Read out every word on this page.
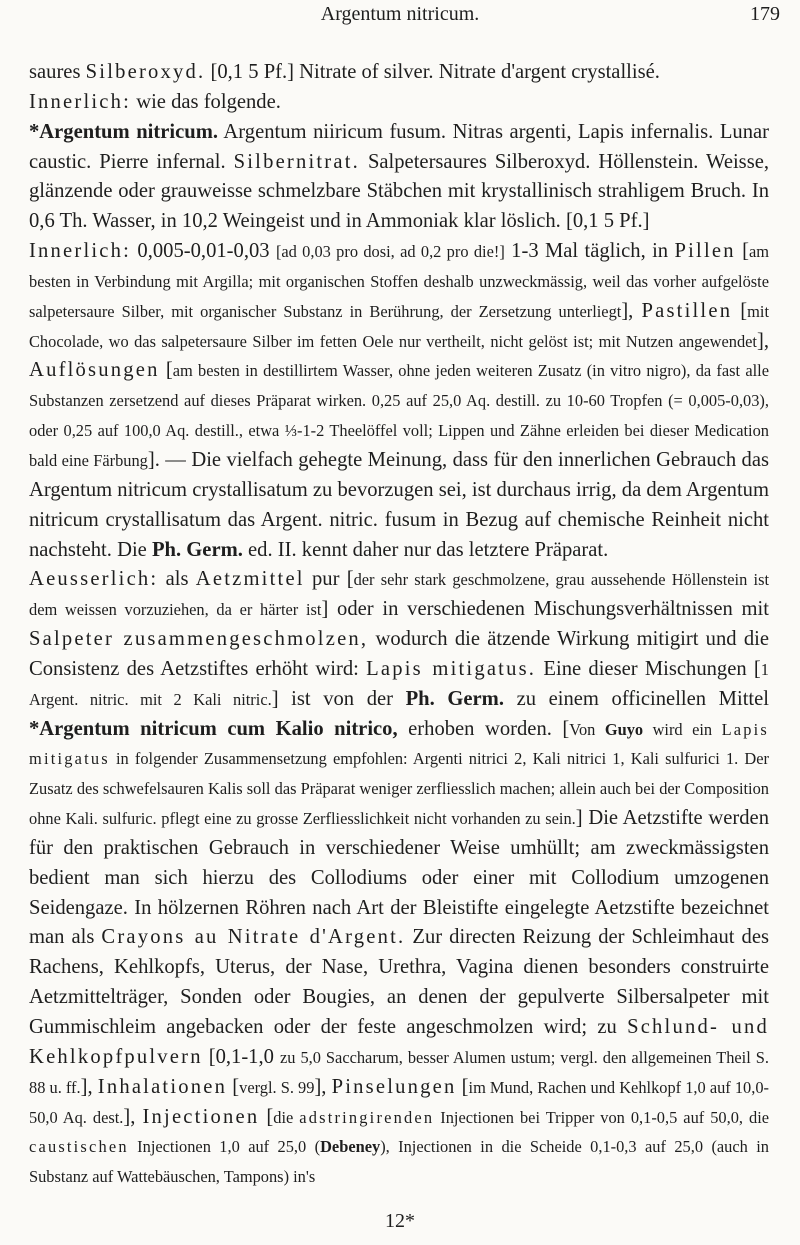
Argentum nitricum.	179

saures Silberoxyd. [0,1 5 Pf.] Nitrate of silver. Nitrate d'argent crystallisé.

Innerlich: wie das folgende.

*Argentum nitricum. Argentum niiricum fusum. Nitras argenti, Lapis infernalis. Lunar caustic. Pierre infernal. Silbernitrat. Salpetersaures Silberoxyd. Höllenstein. Weisse, glänzende oder grauweisse schmelzbare Stäbchen mit krystallinisch strahligem Bruch. In 0,6 Th. Wasser, in 10,2 Weingeist und in Ammoniak klar löslich. [0,1 5 Pf.]

Innerlich: 0,005-0,01-0,03 [ad 0,03 pro dosi, ad 0,2 pro die!] 1-3 Mal täglich, in Pillen [am besten in Verbindung mit Argilla; mit organischen Stoffen deshalb unzweckmässig, weil das vorher aufgelöste salpetersaure Silber, mit organischer Substanz in Berührung, der Zersetzung unterliegt], Pastillen [mit Chocolade, wo das salpetersaure Silber im fetten Oele nur vertheilt, nicht gelöst ist; mit Nutzen angewendet], Auflösungen [am besten in destillirtem Wasser, ohne jeden weiteren Zusatz (in vitro nigro), da fast alle Substanzen zersetzend auf dieses Präparat wirken. 0,25 auf 25,0 Aq. destill. zu 10-60 Tropfen (= 0,005-0,03), oder 0,25 auf 100,0 Aq. destill., etwa ⅓-1-2 Theelöffel voll; Lippen und Zähne erleiden bei dieser Medication bald eine Färbung]. — Die vielfach gehegte Meinung, dass für den innerlichen Gebrauch das Argentum nitricum crystallisatum zu bevorzugen sei, ist durchaus irrig, da dem Argentum nitricum crystallisatum das Argent. nitric. fusum in Bezug auf chemische Reinheit nicht nachsteht. Die Ph. Germ. ed. II. kennt daher nur das letztere Präparat.

Aeusserlich: als Aetzmittel pur [der sehr stark geschmolzene, grau aussehende Höllenstein ist dem weissen vorzuziehen, da er härter ist] oder in verschiedenen Mischungsverhältnissen mit Salpeter zusammengeschmolzen, wodurch die ätzende Wirkung mitigirt und die Consistenz des Aetzstiftes erhöht wird: Lapis mitigatus. Eine dieser Mischungen [1 Argent. nitric. mit 2 Kali nitric.] ist von der Ph. Germ. zu einem officinellen Mittel *Argentum nitricum cum Kalio nitrico, erhoben worden. [Von Guyo wird ein Lapis mitigatus in folgender Zusammensetzung empfohlen: Argenti nitrici 2, Kali nitrici 1, Kali sulfurici 1. Der Zusatz des schwefelsauren Kalis soll das Präparat weniger zerfliesslich machen; allein auch bei der Composition ohne Kali. sulfuric. pflegt eine zu grosse Zerfliesslichkeit nicht vorhanden zu sein.] Die Aetzstifte werden für den praktischen Gebrauch in verschiedener Weise umhüllt; am zweckmässigsten bedient man sich hierzu des Collodiums oder einer mit Collodium umzogenen Seidengaze. In hölzernen Röhren nach Art der Bleistifte eingelegte Aetzstifte bezeichnet man als Crayons au Nitrate d'Argent. Zur directen Reizung der Schleimhaut des Rachens, Kehlkopfs, Uterus, der Nase, Urethra, Vagina dienen besonders construirte Aetzmittelträger, Sonden oder Bougies, an denen der gepulverte Silbersalpeter mit Gummischleim angebacken oder der feste angeschmolzen wird; zu Schlund- und Kehlkopfpulvern [0,1-1,0 zu 5,0 Saccharum, besser Alumen ustum; vergl. den allgemeinen Theil S. 88 u. ff.], Inhalationen [vergl. S. 99], Pinselungen [im Mund, Rachen und Kehlkopf 1,0 auf 10,0-50,0 Aq. dest.], Injectionen [die adstringirenden Injectionen bei Tripper von 0,1-0,5 auf 50,0, die caustischen Injectionen 1,0 auf 25,0 (Debeney), Injectionen in die Scheide 0,1-0,3 auf 25,0 (auch in Substanz auf Wattebäuschen, Tampons) in's

12*
